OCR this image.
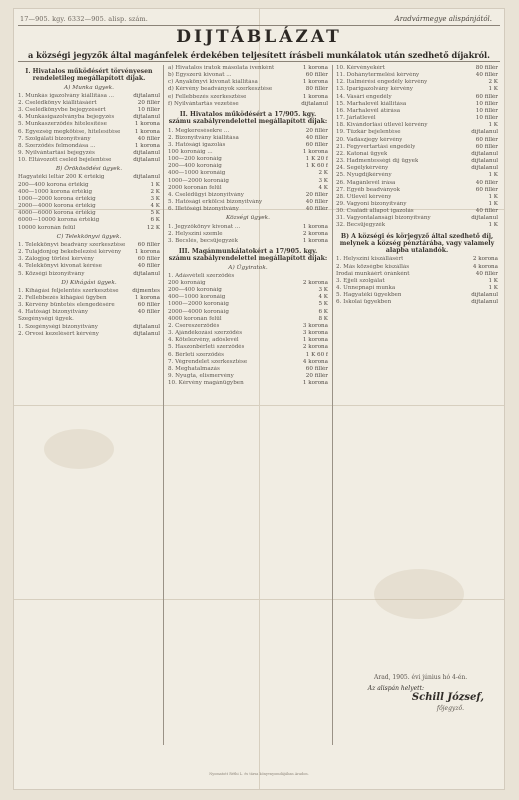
17—905. kgy. 6332—905. alisp. szám.	Aradvármegye alispánjától.
DIJTÁBLÁZAT
a községi jegyzők által magánfelek érdekében teljesített írásbeli munkálatok után szedhető díjakról.
I. Hivatalos működésért törvényesen rendeletileg megállapított díjak.
A) Munka ügyek.
1. Munkás igazolvány kiállítása ...	díjtalanul
2. Cselédkönyv kiállításáért	20 fillér
3. Cselédkönyvbe bejegyzésért	10 fillér
4. Munkásigazolványba bejegyzés	díjtalanul
5. Munkaszerződés hitelesítése	1 korona
6. Egyezség megkötése, hitelesítése	1 korona
7. Szolgálati bizonyítvány	40 fillér
8. Szerződés felmondása ...	1 korona
9. Nyilvántartási bejegyzés	díjtalanul
10. Eltávozott cseléd bejelentése	díjtalanul
B) Örökösödési ügyek.
Hagyatéki leltár 200 K értékig	díjtalanul
200—400 korona értékig	1 K
400—1000 korona értékig	2 K
1000—2000 korona értékig	3 K
2000—4000 korona értékig	4 K
4000—6000 korona értékig	5 K
6000—10000 korona értékig	6 K
10000 koronán felül	12 K
C) Telekkönyvi ügyek.
1. Telekkönyvi beadvány szerkesztése	60 fillér
2. Tulajdonjog bekebelezési kérvény	1 korona
3. Zálogjog törlési kérvény	60 fillér
4. Telekkönyvi kivonat kérése	40 fillér
5. Községi bizonyítvány	díjtalanul
D) Kihágási ügyek.
1. Kihágási feljelentés szerkesztése	díjmentes
2. Fellebbezés kihágási ügyben	1 korona
3. Kérvény büntetés elengedésére	60 fillér
4. Hatósági bizonyítvány	40 fillér
Szegénységi ügyek.
1. Szegénységi bizonyítvány	díjtalanul
2. Orvosi kezelésért kérvény	díjtalanul
a) Hivatalos iratok másolata ívenként	1 korona
b) Egyszerű kivonat ...	60 fillér
c) Anyakönyvi kivonat kiállítása	1 korona
d) Kérvény beadványok szerkesztése	80 fillér
e) Fellebbezés szerkesztése	1 korona
f) Nyilvántartás vezetése	díjtalanul
II. Hivatalos működésért a 17/905. kgy. számu szabályrendelettel megállapított díjak:
1. Megkeresésekre ...	20 fillér
2. Bizonyítvány kiállítása	40 fillér
3. Hatósági igazolás	60 fillér
100 koronáig ...	1 korona
100—200 koronáig	1 K 20 f
200—400 koronáig	1 K 60 f
400—1000 koronáig	2 K
1000—2000 koronáig	3 K
2000 koronán felül	4 K
4. Cselédügyi bizonyítvány	20 fillér
5. Hatósági erkölcsi bizonyítvány	40 fillér
6. Illetőségi bizonyítvány	40 fillér
Községi ügyek.
1. Jegyzőkönyv kivonat ...	1 korona
2. Helyszíni szemle	2 korona
3. Becslés, becsüjegyzék	1 korona
III. Magánmunkálatokért a 17/905. kgy. számu szabályrendelettel megállapított díjak:
A) Ügyiratok.
1. Adásvételi szerződés
200 koronáig	2 korona
200—400 koronáig	3 K
400—1000 koronáig	4 K
1000—2000 koronáig	5 K
2000—4000 koronáig	6 K
4000 koronán felül	8 K
2. Csereszerződés	3 korona
3. Ajándékozási szerződés	3 korona
4. Kötelezvény, adóslevél	1 korona
5. Haszonbérleti szerződés	2 korona
6. Bérleti szerződés	1 K 60 f
7. Végrendelet szerkesztése	4 korona
8. Meghatalmazás	60 fillér
9. Nyugta, elismervény	20 fillér
10. Kérvény magánügyben	1 korona
10. Kérvényekért	80 fillér
11. Dohánytermelési kérvény	40 fillér
12. Italmérési engedély kérvény	2 K
13. Iparigazolvány kérvény	1 K
14. Vásári engedély	60 fillér
15. Marhalevél kiállítása	10 fillér
16. Marhalevél átírása	10 fillér
17. Járlatlevél	10 fillér
18. Kivándorlási útlevél kérvény	1 K
19. Tűzkár bejelentése	díjtalanul
20. Vadászjegy kérvény	60 fillér
21. Fegyvertartási engedély	60 fillér
22. Katonai ügyek	díjtalanul
23. Hadmentességi díj ügyek	díjtalanul
24. Segélykérvény	díjtalanul
25. Nyugdíjkérvény	1 K
26. Magánlevél írása	40 fillér
27. Egyéb beadványok	60 fillér
28. Utlevél kérvény	1 K
29. Vagyoni bizonyítvány	1 K
30. Családi állapot igazolás	40 fillér
31. Vagyontalansági bizonyítvány	díjtalanul
32. Becsüjegyzék	1 K
B) A községi és körjegyző által szedhető díj, melynek a község pénztárába, vagy valamely alapba utalandók.
1. Helyszíni kiszállásért	2 korona
2. Más községbe kiszállás	4 korona
Irodai munkáért óránként	40 fillér
3. Éjjeli szolgálat	1 K
4. Ünnepnapi munka	1 K
5. Hagyatéki ügyekben	díjtalanul
6. Iskolai ügyekben	díjtalanul
Arad, 1905. évi június hó 4-én.
Az alispán helyett:
Schill József,
főjegyző.
Nyomatott Réthi L. és társa könyvnyomdájában Aradon.
